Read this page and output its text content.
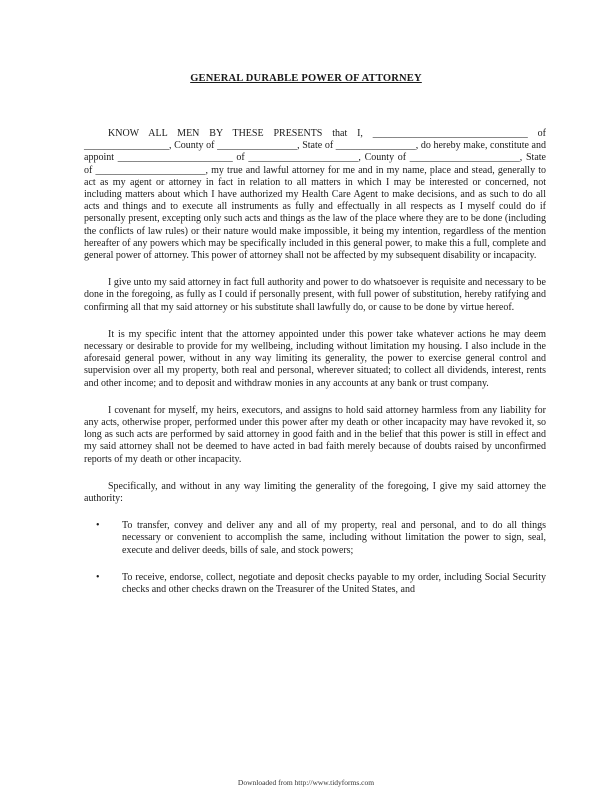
GENERAL DURABLE POWER OF ATTORNEY

KNOW ALL MEN BY THESE PRESENTS that I, _______________________________ of _________________, County of ________________, State of ________________, do hereby make, constitute and appoint _______________________ of ______________________, County of ______________________, State of ______________________, my true and lawful attorney for me and in my name, place and stead, generally to act as my agent or attorney in fact in relation to all matters in which I may be interested or concerned, not including matters about which I have authorized my Health Care Agent to make decisions, and as such to do all acts and things and to execute all instruments as fully and effectually in all respects as I myself could do if personally present, excepting only such acts and things as the law of the place where they are to be done (including the conflicts of law rules) or their nature would make impossible, it being my intention, regardless of the mention hereafter of any powers which may be specifically included in this general power, to make this a full, complete and general power of attorney. This power of attorney shall not be affected by my subsequent disability or incapacity.

I give unto my said attorney in fact full authority and power to do whatsoever is requisite and necessary to be done in the foregoing, as fully as I could if personally present, with full power of substitution, hereby ratifying and confirming all that my said attorney or his substitute shall lawfully do, or cause to be done by virtue hereof.

It is my specific intent that the attorney appointed under this power take whatever actions he may deem necessary or desirable to provide for my wellbeing, including without limitation my housing. I also include in the aforesaid general power, without in any way limiting its generality, the power to exercise general control and supervision over all my property, both real and personal, wherever situated; to collect all dividends, interest, rents and other income; and to deposit and withdraw monies in any accounts at any bank or trust company.

I covenant for myself, my heirs, executors, and assigns to hold said attorney harmless from any liability for any acts, otherwise proper, performed under this power after my death or other incapacity may have revoked it, so long as such acts are performed by said attorney in good faith and in the belief that this power is still in effect and my said attorney shall not be deemed to have acted in bad faith merely because of doubts raised by unconfirmed reports of my death or other incapacity.

Specifically, and without in any way limiting the generality of the foregoing, I give my said attorney the authority:

• To transfer, convey and deliver any and all of my property, real and personal, and to do all things necessary or convenient to accomplish the same, including without limitation the power to sign, seal, execute and deliver deeds, bills of sale, and stock powers;
• To receive, endorse, collect, negotiate and deposit checks payable to my order, including Social Security checks and other checks drawn on the Treasurer of the United States, and
Downloaded from http://www.tidyforms.com
